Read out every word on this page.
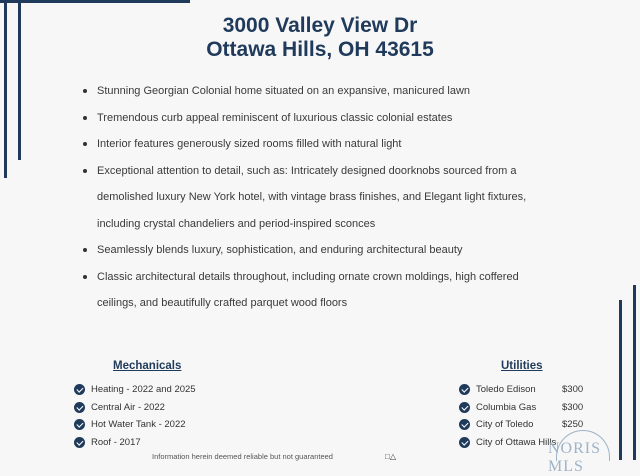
3000 Valley View Dr
Ottawa Hills, OH 43615
Stunning Georgian Colonial home situated on an expansive, manicured lawn
Tremendous curb appeal reminiscent of luxurious classic colonial estates
Interior features generously sized rooms filled with natural light
Exceptional attention to detail, such as: Intricately designed doorknobs sourced from a demolished luxury New York hotel, with vintage brass finishes, and Elegant light fixtures, including crystal chandeliers and period-inspired sconces
Seamlessly blends luxury, sophistication, and enduring architectural beauty
Classic architectural details throughout, including ornate crown moldings, high coffered ceilings, and beautifully crafted parquet wood floors
Mechanicals
Heating - 2022 and 2025
Central Air - 2022
Hot Water Tank - 2022
Roof - 2017
Utilities
Toledo Edison	$300
Columbia Gas	$300
City of Toledo	$250
City of Ottawa Hills
Information herein deemed reliable but not guaranteed	□△	NORIS MLS
